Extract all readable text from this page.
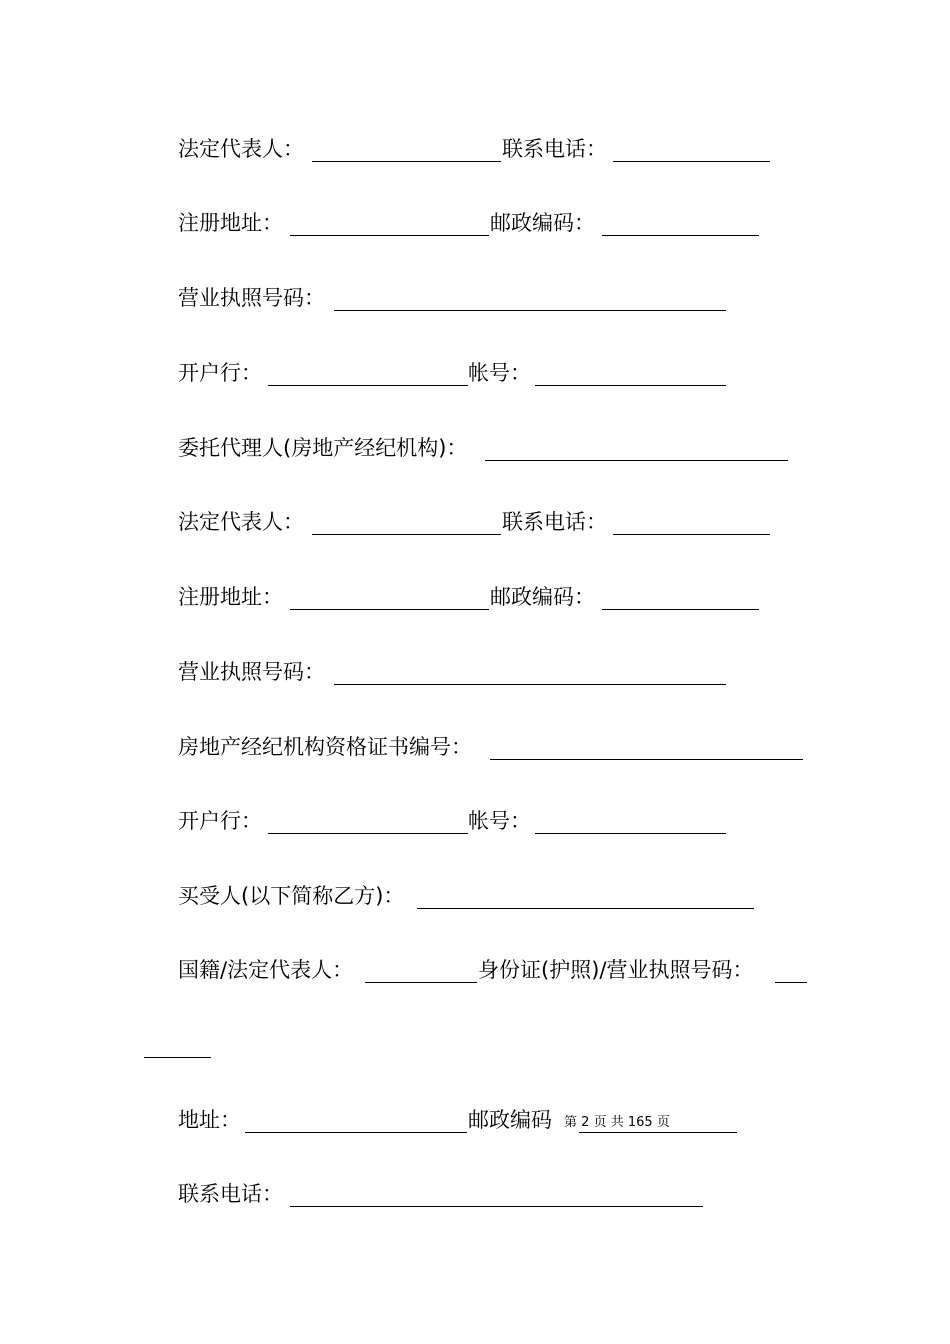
法定代表人：	联系电话：
注册地址：	邮政编码：
营业执照号码：
开户行：	帐号：
委托代理人(房地产经纪机构)：
法定代表人：	联系电话：
注册地址：	邮政编码：
营业执照号码：
房地产经纪机构资格证书编号：
开户行：	帐号：
买受人(以下简称乙方)：
国籍/法定代表人：	身份证(护照)/营业执照号码：
地址：	邮政编码 第 2 页 共 165 页
联系电话：
